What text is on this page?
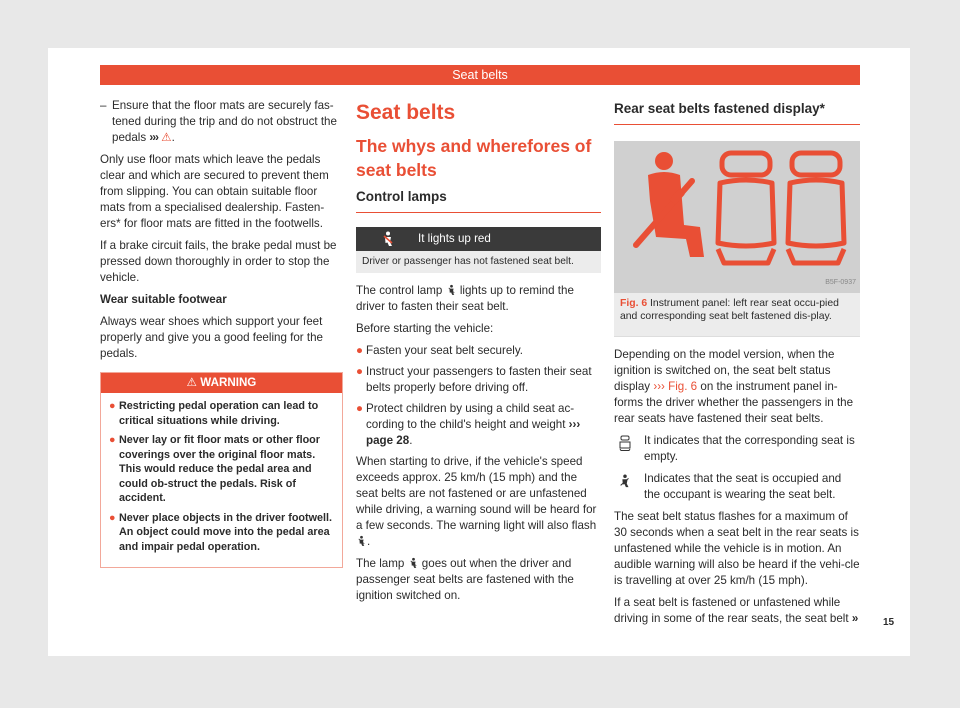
Seat belts
– Ensure that the floor mats are securely fas-tened during the trip and do not obstruct the pedals ››› ⚠.

Only use floor mats which leave the pedals clear and which are secured to prevent them from slipping. You can obtain suitable floor mats from a specialised dealership. Fasten-ers* for floor mats are fitted in the footwells.

If a brake circuit fails, the brake pedal must be pressed down thoroughly in order to stop the vehicle.

Wear suitable footwear

Always wear shoes which support your feet properly and give you a good feeling for the pedals.

⚠ WARNING
● Restricting pedal operation can lead to critical situations while driving.
● Never lay or fit floor mats or other floor coverings over the original floor mats. This would reduce the pedal area and could ob-struct the pedals. Risk of accident.
● Never place objects in the driver footwell. An object could move into the pedal area and impair pedal operation.
Seat belts
The whys and wherefores of seat belts
Control lamps
It lights up red
Driver or passenger has not fastened seat belt.

The control lamp lights up to remind the driver to fasten their seat belt.

Before starting the vehicle:

● Fasten your seat belt securely.
● Instruct your passengers to fasten their seat belts properly before driving off.
● Protect children by using a child seat ac-cording to the child's height and weight ››› page 28.

When starting to drive, if the vehicle's speed exceeds approx. 25 km/h (15 mph) and the seat belts are not fastened or are unfastened while driving, a warning sound will be heard for a few seconds. The warning light will also flash .

The lamp goes out when the driver and passenger seat belts are fastened with the ignition switched on.

Rear seat belts fastened display*
B5F-0937
Fig. 6 Instrument panel: left rear seat occu-pied and corresponding seat belt fastened dis-play.

Depending on the model version, when the ignition is switched on, the seat belt status display ››› Fig. 6 on the instrument panel in-forms the driver whether the passengers in the rear seats have fastened their seat belts.

It indicates that the corresponding seat is empty.
Indicates that the seat is occupied and the occupant is wearing the seat belt.

The seat belt status flashes for a maximum of 30 seconds when a seat belt in the rear seats is unfastened while the vehicle is in motion. An audible warning will also be heard if the vehi-cle is travelling at over 25 km/h (15 mph).

If a seat belt is fastened or unfastened while driving in some of the rear seats, the seat belt » 15
